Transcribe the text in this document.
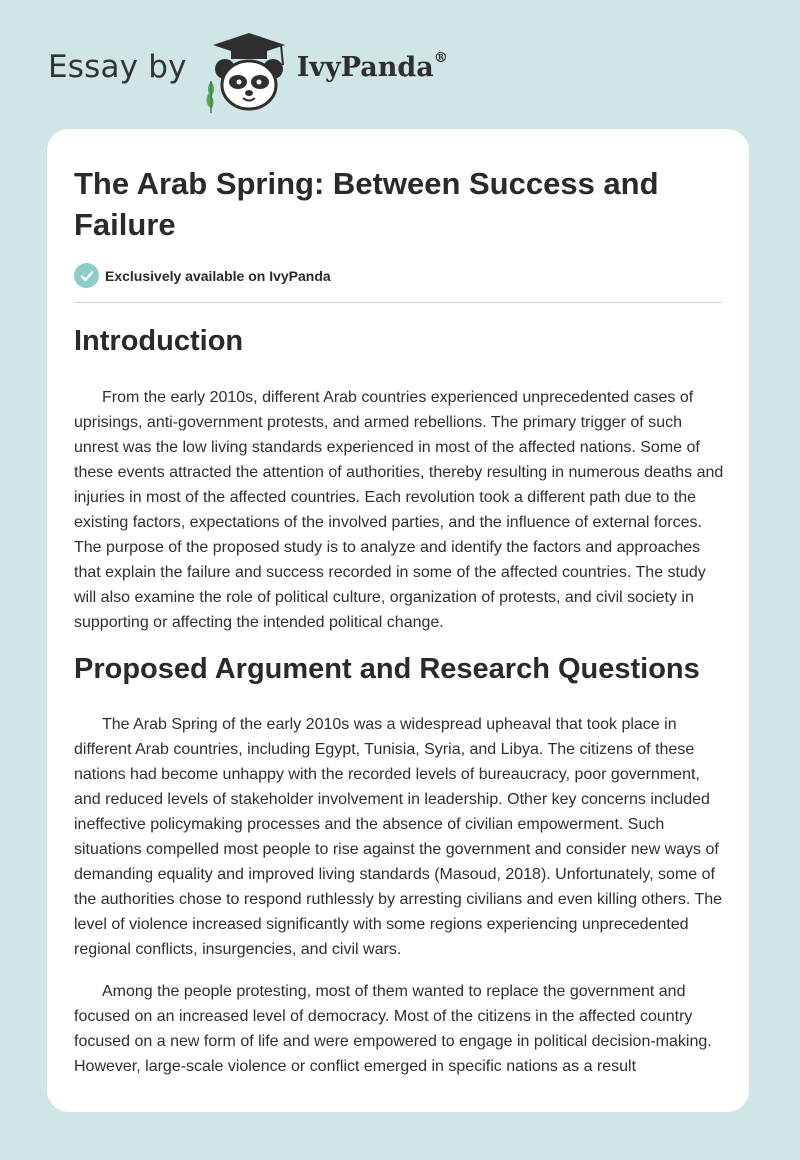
Essay by	IvyPanda®
The Arab Spring: Between Success and Failure
Exclusively available on IvyPanda
Introduction

From the early 2010s, different Arab countries experienced unprecedented cases of uprisings, anti-government protests, and armed rebellions. The primary trigger of such unrest was the low living standards experienced in most of the affected nations. Some of these events attracted the attention of authorities, thereby resulting in numerous deaths and injuries in most of the affected countries. Each revolution took a different path due to the existing factors, expectations of the involved parties, and the influence of external forces. The purpose of the proposed study is to analyze and identify the factors and approaches that explain the failure and success recorded in some of the affected countries. The study will also examine the role of political culture, organization of protests, and civil society in supporting or affecting the intended political change.

Proposed Argument and Research Questions

The Arab Spring of the early 2010s was a widespread upheaval that took place in different Arab countries, including Egypt, Tunisia, Syria, and Libya. The citizens of these nations had become unhappy with the recorded levels of bureaucracy, poor government, and reduced levels of stakeholder involvement in leadership. Other key concerns included ineffective policymaking processes and the absence of civilian empowerment. Such situations compelled most people to rise against the government and consider new ways of demanding equality and improved living standards (Masoud, 2018). Unfortunately, some of the authorities chose to respond ruthlessly by arresting civilians and even killing others. The level of violence increased significantly with some regions experiencing unprecedented regional conflicts, insurgencies, and civil wars.

Among the people protesting, most of them wanted to replace the government and focused on an increased level of democracy. Most of the citizens in the affected country focused on a new form of life and were empowered to engage in political decision-making. However, large-scale violence or conflict emerged in specific nations as a result
